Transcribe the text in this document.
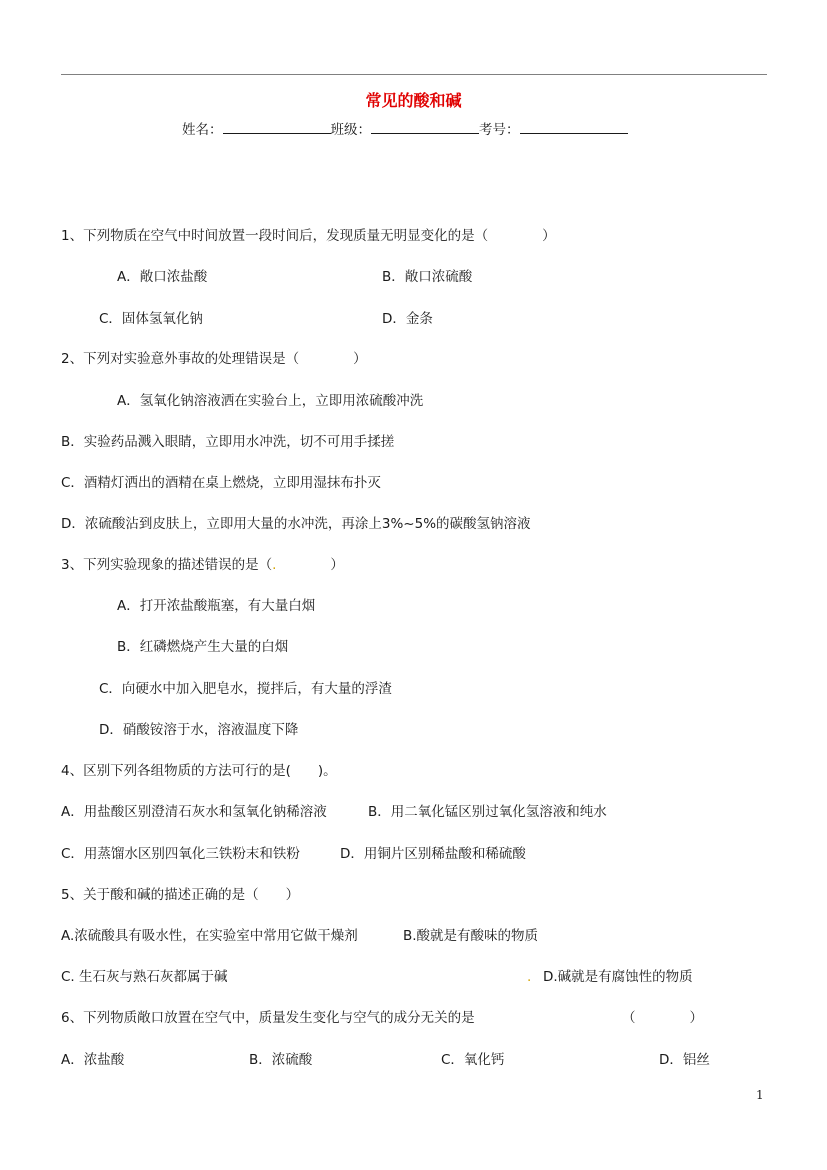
常见的酸和碱
姓名：	班级：	考号：
1、下列物质在空气中时间放置一段时间后，发现质量无明显变化的是（　　　　）
A．敞口浓盐酸	B．敞口浓硫酸
C．固体氢氧化钠	D．金条
2、下列对实验意外事故的处理错误是（　　　　）
A．氢氧化钠溶液洒在实验台上，立即用浓硫酸冲洗
B．实验药品溅入眼睛，立即用水冲洗，切不可用手揉搓
C．酒精灯洒出的酒精在桌上燃烧，立即用湿抹布扑灭
D．浓硫酸沾到皮肤上，立即用大量的水冲洗，再涂上3%~5%的碳酸氢钠溶液
3、下列实验现象的描述错误的是（.　　　　）
A．打开浓盐酸瓶塞，有大量白烟
B．红磷燃烧产生大量的白烟
C．向硬水中加入肥皂水，搅拌后，有大量的浮渣
D．硝酸铵溶于水，溶液温度下降
4、区别下列各组物质的方法可行的是(　　)。
A．用盐酸区别澄清石灰水和氢氧化钠稀溶液	B．用二氧化锰区别过氧化氢溶液和纯水
C．用蒸馏水区别四氧化三铁粉末和铁粉	D．用铜片区别稀盐酸和稀硫酸
5、关于酸和碱的描述正确的是（　　）
A.浓硫酸具有吸水性，在实验室中常用它做干燥剂	B.酸就是有酸味的物质
C. 生石灰与熟石灰都属于碱	. D.碱就是有腐蚀性的物质
6、下列物质敞口放置在空气中，质量发生变化与空气的成分无关的是	（　　　　）
A．浓盐酸	B．浓硫酸	C．氧化钙	D．铝丝
1
